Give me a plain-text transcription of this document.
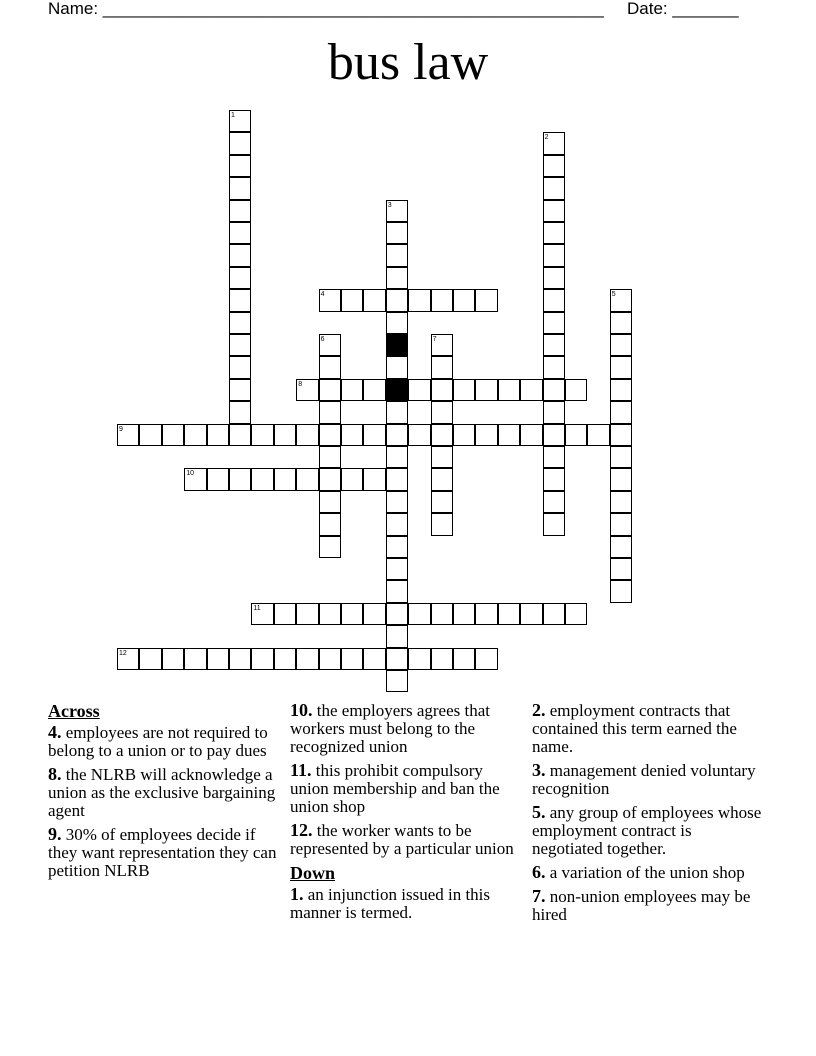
Name: _____________________________________________________ Date: _______
bus law
1
2
3
4	5
6	7
8
9
10
11
12
Across
4. employees are not required to belong to a union or to pay dues
8. the NLRB will acknowledge a union as the exclusive bargaining agent
9. 30% of employees decide if they want representation they can petition NLRB
10. the employers agrees that workers must belong to the recognized union
11. this prohibit compulsory union membership and ban the union shop
12. the worker wants to be represented by a particular union
Down
1. an injunction issued in this manner is termed.
2. employment contracts that contained this term earned the name.
3. management denied voluntary recognition
5. any group of employees whose employment contract is negotiated together.
6. a variation of the union shop
7. non-union employees may be hired
